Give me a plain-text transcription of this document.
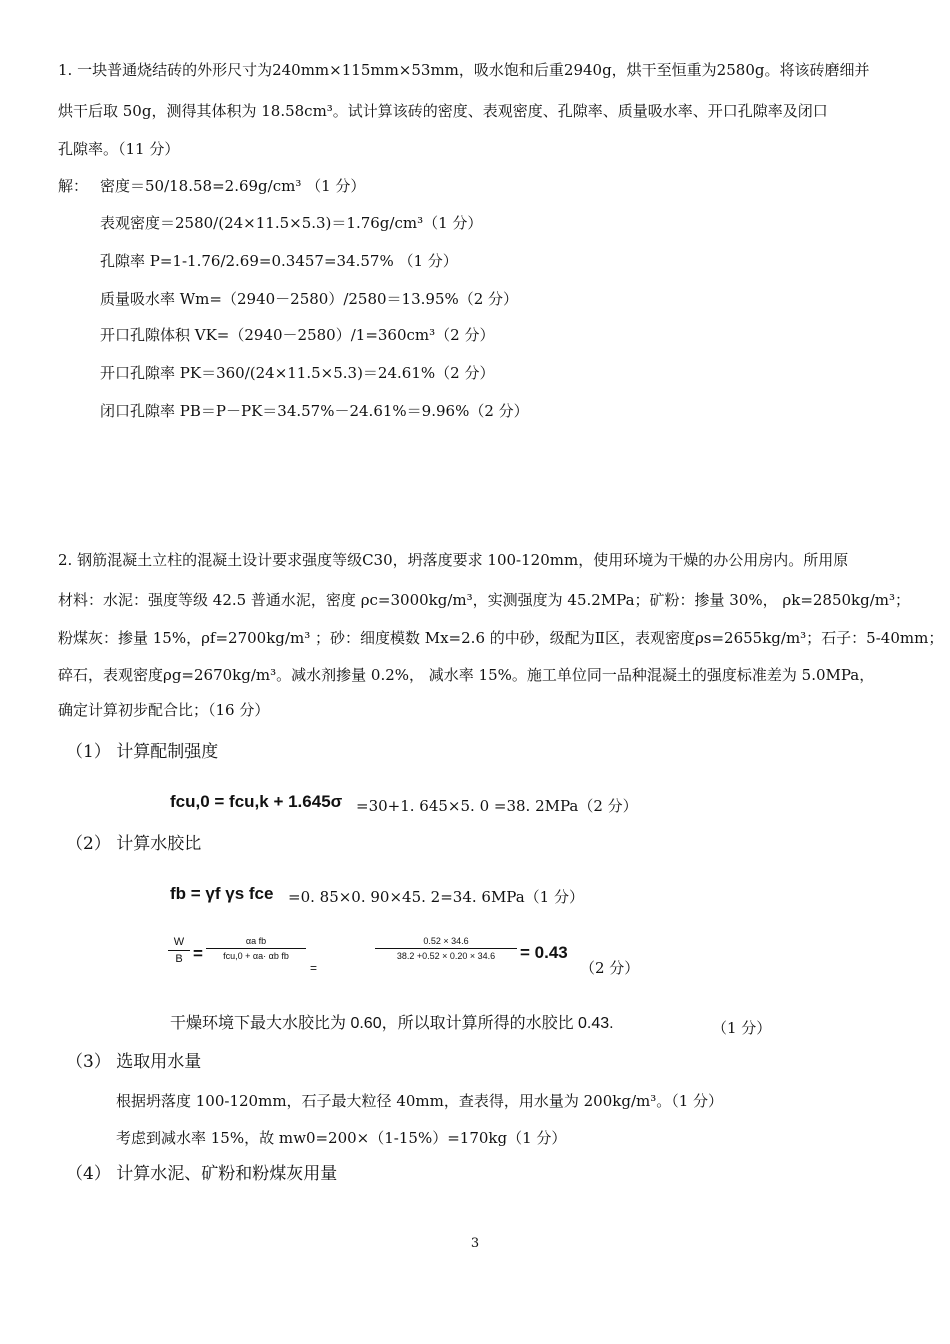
1. 一块普通烧结砖的外形尺寸为240mm×115mm×53mm，吸水饱和后重2940g，烘干至恒重为2580g。将该砖磨细并
烘干后取 50g，测得其体积为 18.58cm³。试计算该砖的密度、表观密度、孔隙率、质量吸水率、开口孔隙率及闭口
孔隙率。（11 分）
解： 密度＝50/18.58=2.69g/cm³ （1 分）
表观密度＝2580/(24×11.5×5.3)＝1.76g/cm³（1 分）
孔隙率 P=1-1.76/2.69=0.3457=34.57% （1 分）
质量吸水率 Wm=（2940－2580）/2580＝13.95%（2 分）
开口孔隙体积 VK=（2940－2580）/1=360cm³（2 分）
开口孔隙率 PK＝360/(24×11.5×5.3)＝24.61%（2 分）
闭口孔隙率 PB＝P－PK＝34.57%－24.61%＝9.96%（2 分）
2. 钢筋混凝土立柱的混凝土设计要求强度等级C30，坍落度要求 100-120mm，使用环境为干燥的办公用房内。所用原
材料：水泥：强度等级 42.5 普通水泥，密度 ρc=3000kg/m³，实测强度为 45.2MPa；矿粉：掺量 30%， ρk=2850kg/m³；
粉煤灰：掺量 15%，ρf=2700kg/m³ ；砂：细度模数 Mx=2.6 的中砂，级配为Ⅱ区，表观密度ρs=2655kg/m³；石子：5-40mm；
碎石，表观密度ρg=2670kg/m³。减水剂掺量 0.2%， 减水率 15%。施工单位同一品种混凝土的强度标准差为 5.0MPa，
确定计算初步配合比；（16 分）
（1） 计算配制强度
fcu,0 = fcu,k + 1.645σ =30+1. 645×5. 0 =38. 2MPa（2 分）
（2） 计算水胶比
fb = γf γs fce =0. 85×0. 90×45. 2=34. 6MPa（1 分）
$\frac{W}{B}$ =
αa fb
fcu,0 + αa· αb fb
=
$\frac{0.52 \times 34.6}{38.2 +0.52 \times 0.20 \times 34.6} = 0.43$
（2 分）
干燥环境下最大水胶比为 0.60，所以取计算所得的水胶比 0.43.	（1 分）
（3） 选取用水量
根据坍落度 100-120mm，石子最大粒径 40mm，查表得，用水量为 200kg/m³。（1 分）
考虑到减水率 15%，故 mw0=200×（1-15%）=170kg（1 分）
（4） 计算水泥、矿粉和粉煤灰用量
3
